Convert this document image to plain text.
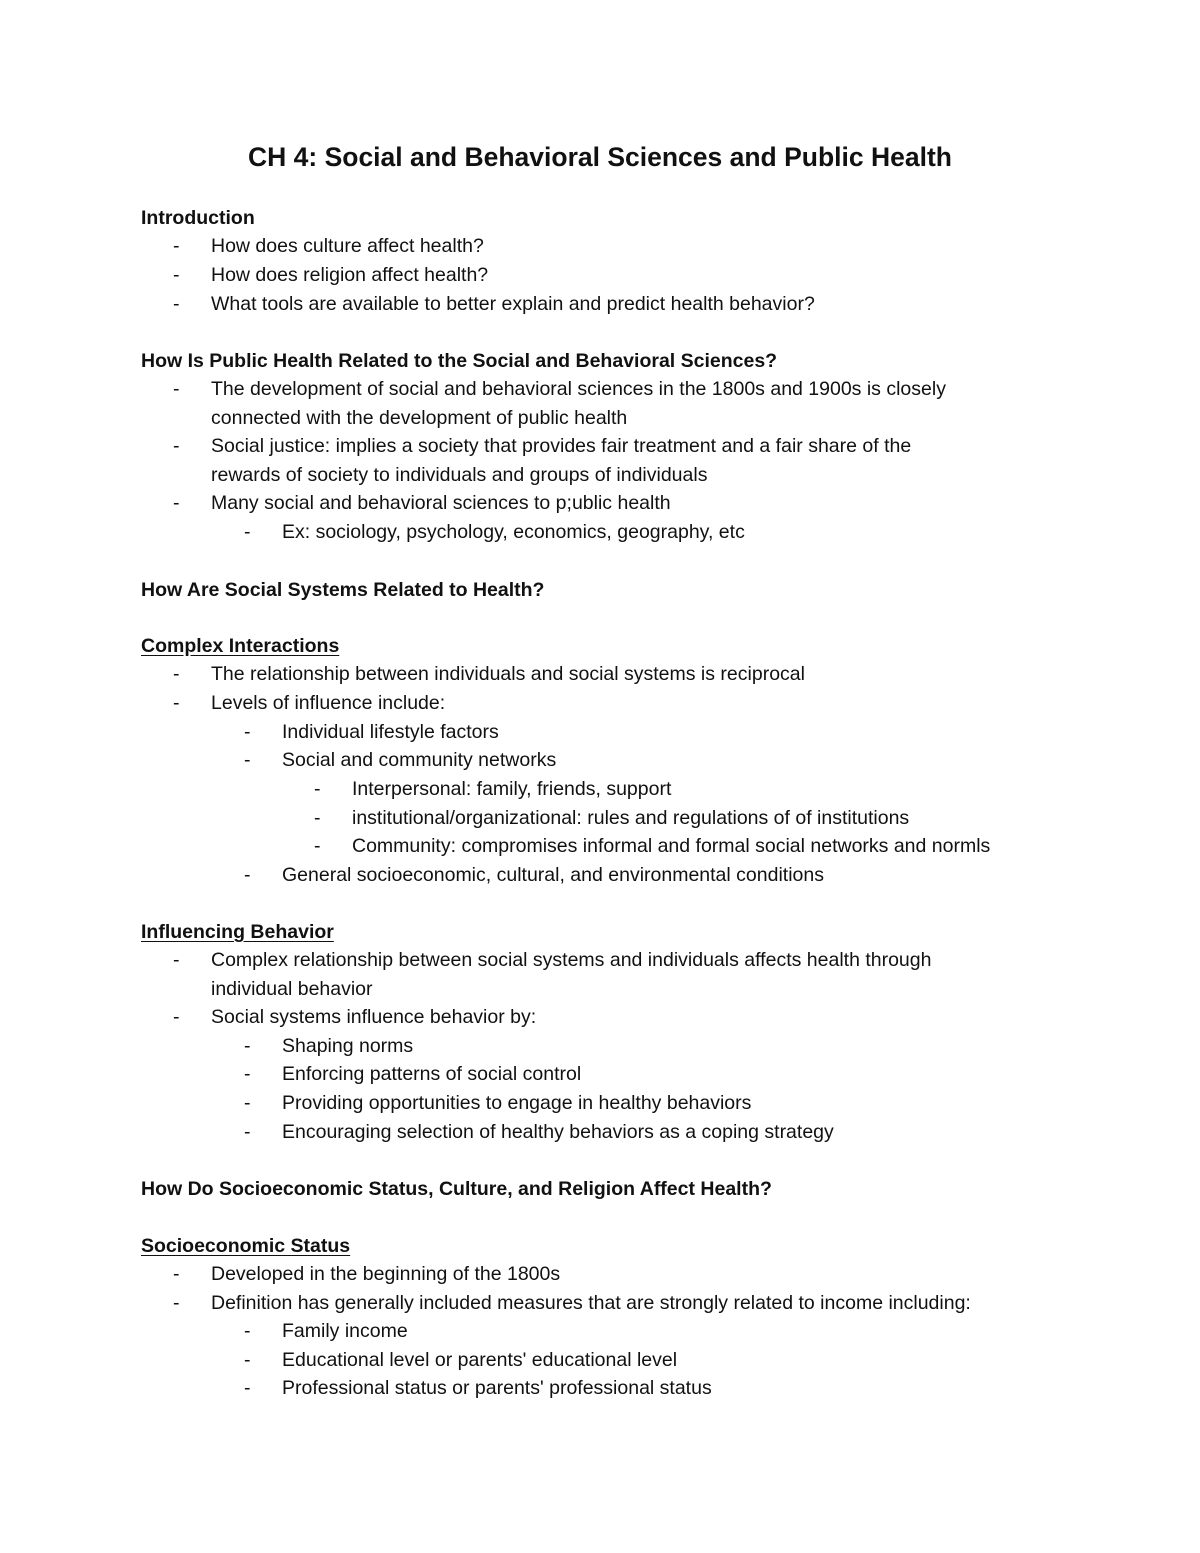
CH 4: Social and Behavioral Sciences and Public Health
Introduction
- How does culture affect health?
- How does religion affect health?
- What tools are available to better explain and predict health behavior?
How Is Public Health Related to the Social and Behavioral Sciences?
- The development of social and behavioral sciences in the 1800s and 1900s is closely
connected with the development of public health
- Social justice: implies a society that provides fair treatment and a fair share of the
rewards of society to individuals and groups of individuals
- Many social and behavioral sciences to p;ublic health
- Ex: sociology, psychology, economics, geography, etc
How Are Social Systems Related to Health?
Complex Interactions
- The relationship between individuals and social systems is reciprocal
- Levels of influence include:
- Individual lifestyle factors
- Social and community networks
- Interpersonal: family, friends, support
- institutional/organizational: rules and regulations of of institutions
- Community: compromises informal and formal social networks and normls
- General socioeconomic, cultural, and environmental conditions
Influencing Behavior
- Complex relationship between social systems and individuals affects health through
individual behavior
- Social systems influence behavior by:
- Shaping norms
- Enforcing patterns of social control
- Providing opportunities to engage in healthy behaviors
- Encouraging selection of healthy behaviors as a coping strategy
How Do Socioeconomic Status, Culture, and Religion Affect Health?
Socioeconomic Status
- Developed in the beginning of the 1800s
- Definition has generally included measures that are strongly related to income including:
- Family income
- Educational level or parents' educational level
- Professional status or parents' professional status
